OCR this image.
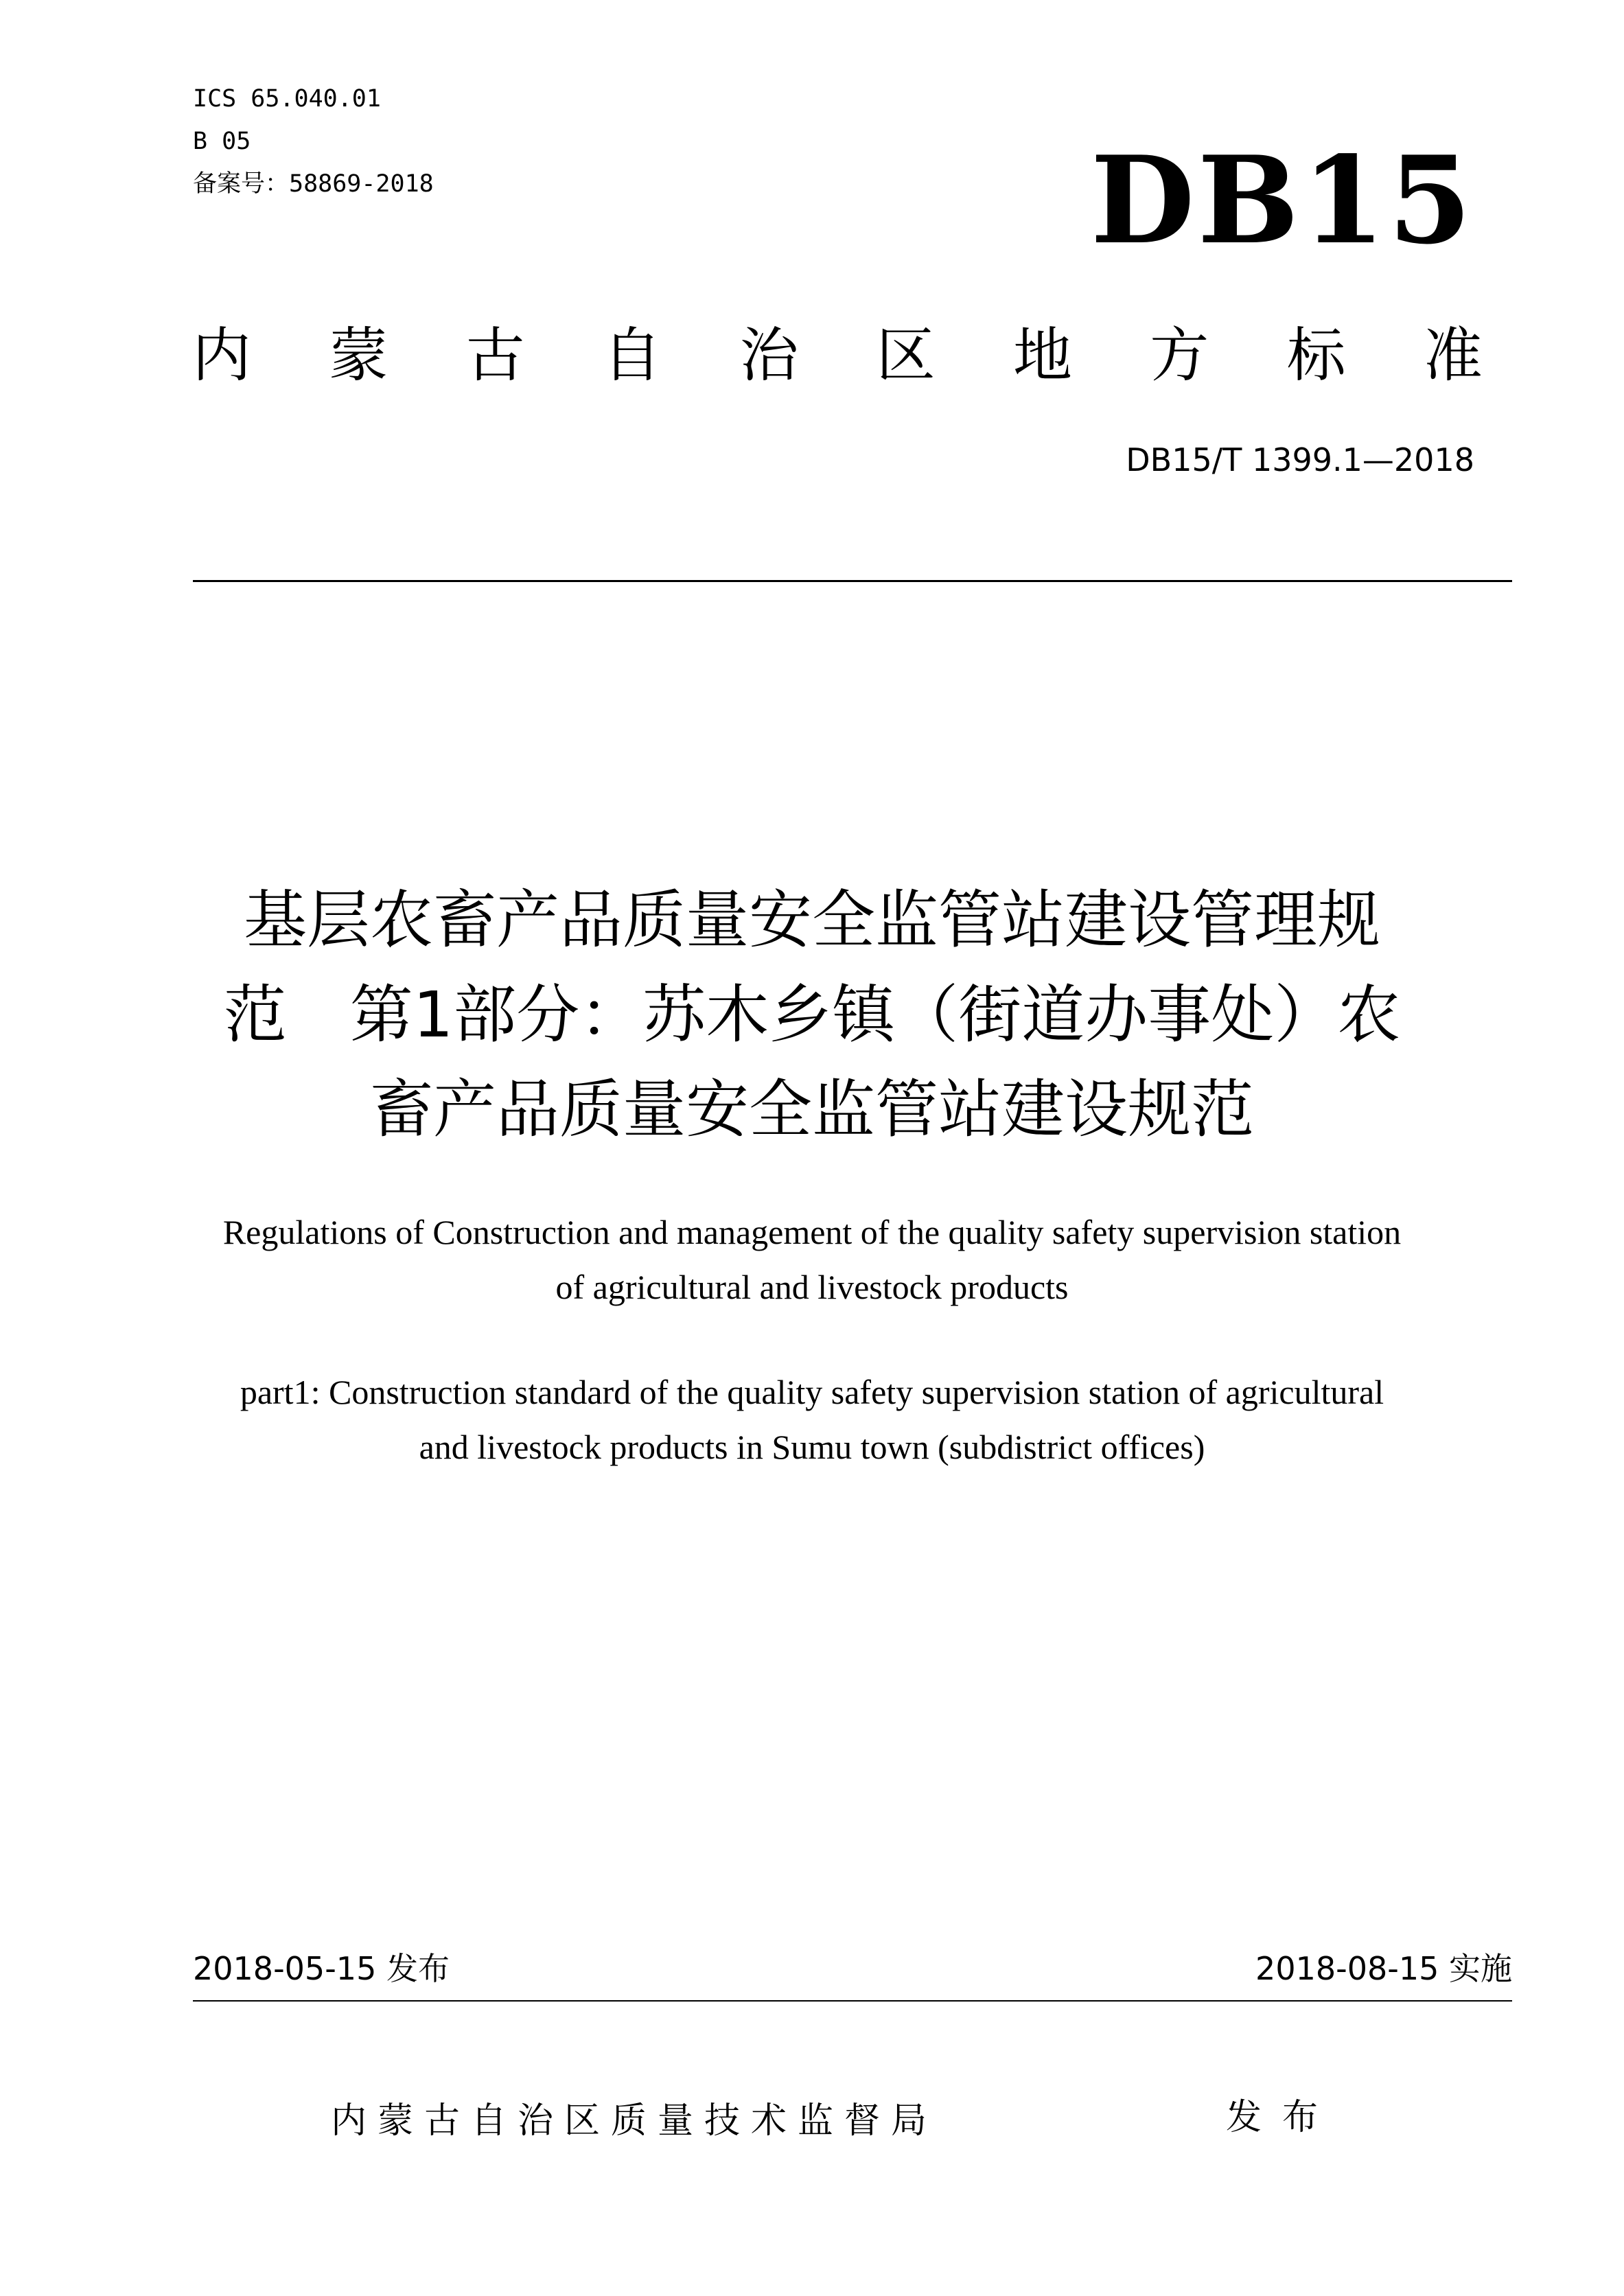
ICS 65.040.01
B 05
备案号：58869-2018	DB15
内 蒙 古 自 治 区 地 方 标 准
DB15/T 1399.1—2018
基层农畜产品质量安全监管站建设管理规
范　第1部分：苏木乡镇（街道办事处）农
畜产品质量安全监管站建设规范
Regulations of Construction and management of the quality safety supervision station
of agricultural and livestock products
part1: Construction standard of the quality safety supervision station of agricultural
and livestock products in Sumu town (subdistrict offices)
2018-05-15 发布	2018-08-15 实施
内蒙古自治区质量技术监督局	发布
